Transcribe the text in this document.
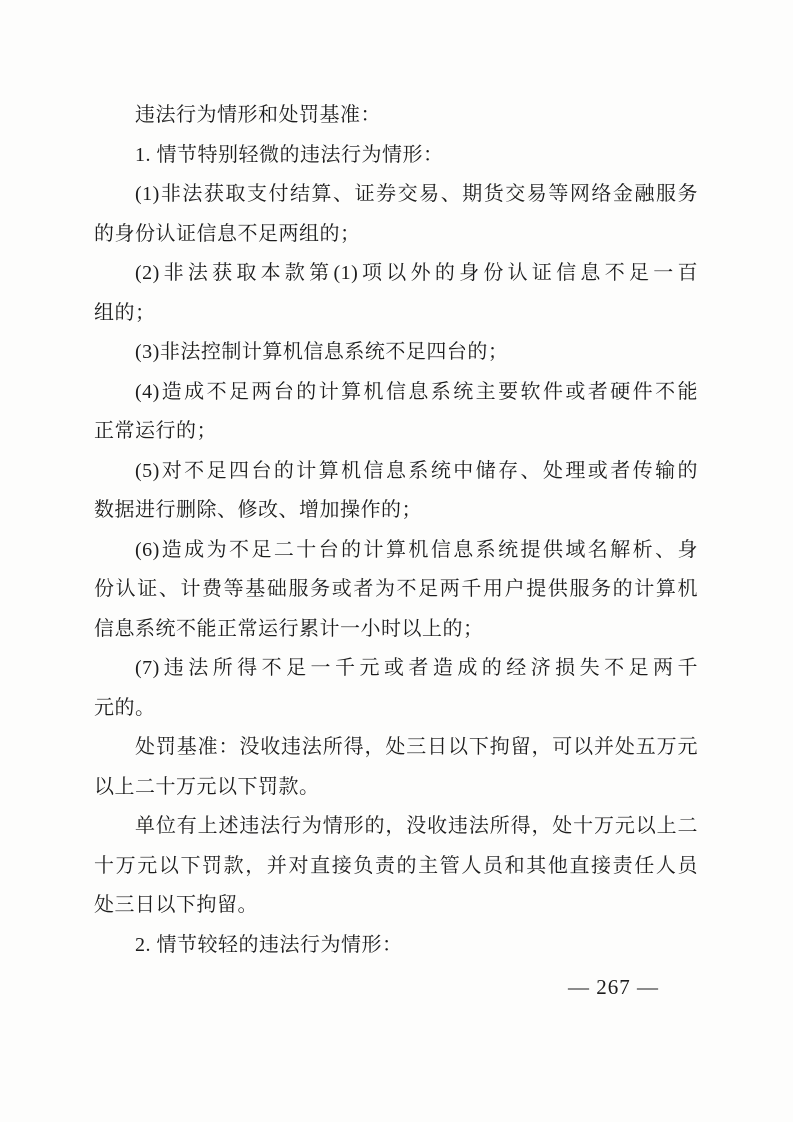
违法行为情形和处罚基准：
1. 情节特别轻微的违法行为情形：
(1)非法获取支付结算、证券交易、期货交易等网络金融服务
的身份认证信息不足两组的；
(2)非法获取本款第(1)项以外的身份认证信息不足一百
组的；
(3)非法控制计算机信息系统不足四台的；
(4)造成不足两台的计算机信息系统主要软件或者硬件不能
正常运行的；
(5)对不足四台的计算机信息系统中储存、处理或者传输的
数据进行删除、修改、增加操作的；
(6)造成为不足二十台的计算机信息系统提供域名解析、身
份认证、计费等基础服务或者为不足两千用户提供服务的计算机
信息系统不能正常运行累计一小时以上的；
(7)违法所得不足一千元或者造成的经济损失不足两千
元的。
处罚基准：没收违法所得，处三日以下拘留，可以并处五万元
以上二十万元以下罚款。
单位有上述违法行为情形的，没收违法所得，处十万元以上二
十万元以下罚款，并对直接负责的主管人员和其他直接责任人员
处三日以下拘留。
2. 情节较轻的违法行为情形：
— 267 —
